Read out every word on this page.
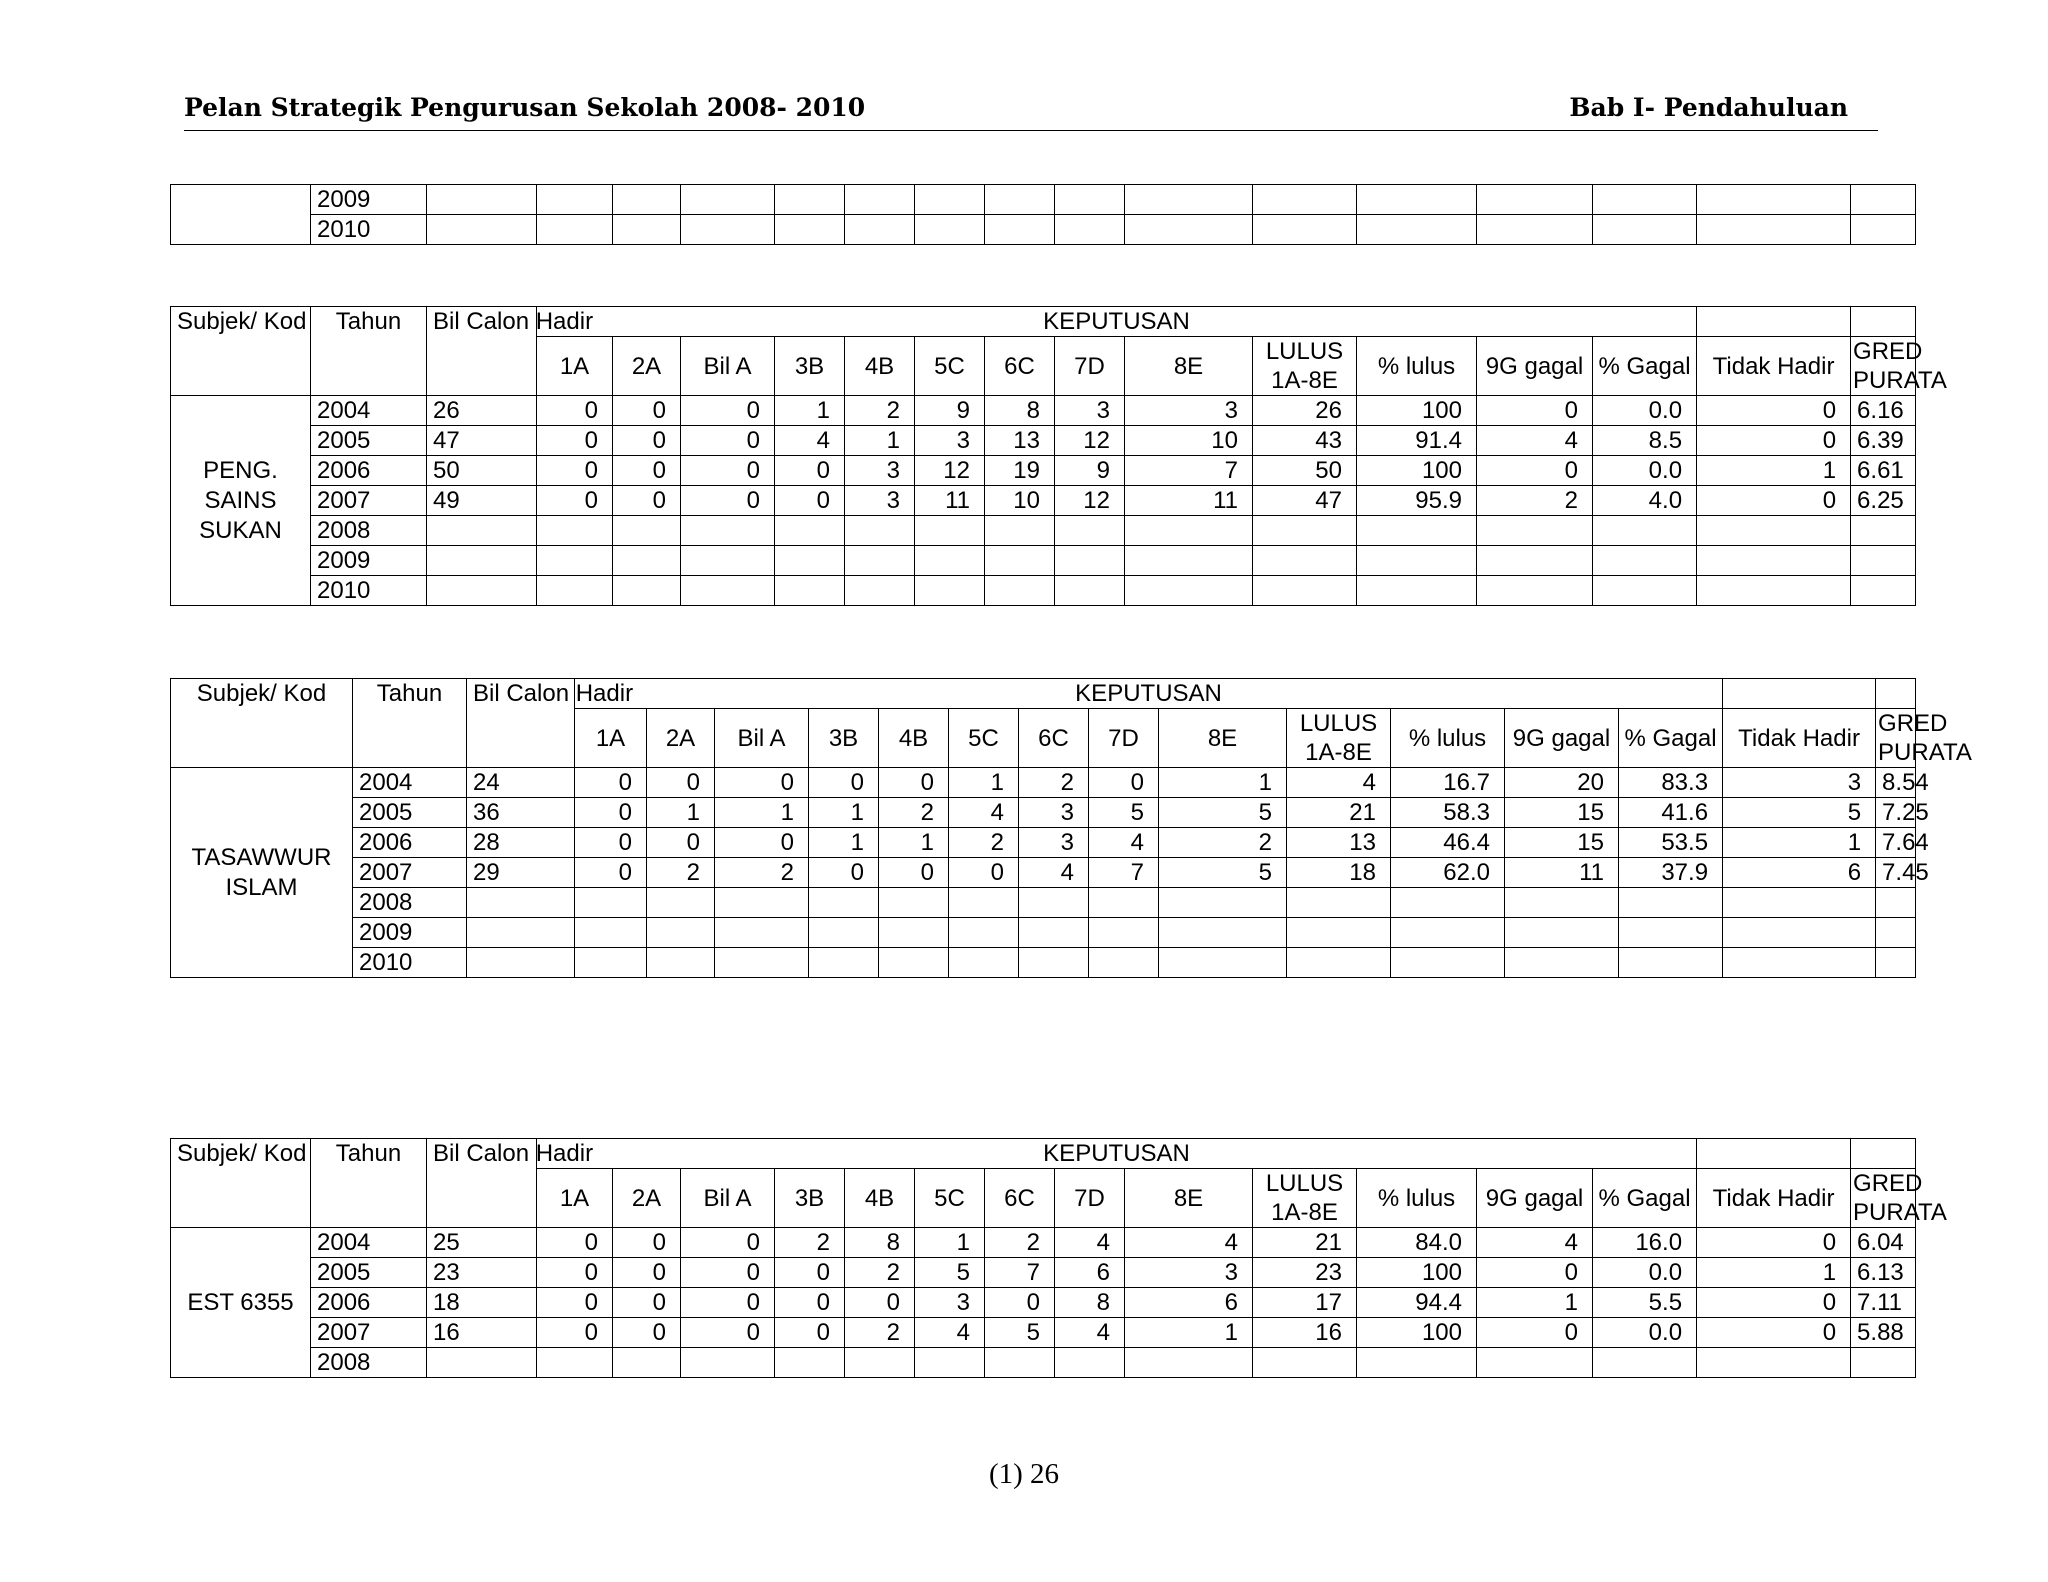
Pelan Strategik Pengurusan Sekolah 2008- 2010	Bab I- Pendahuluan
	2009																
	2010																
Subjek/ Kod	Tahun	Bil Calon Hadir	KEPUTUSAN														
			1A	2A	Bil A	3B	4B	5C	6C	7D	8E	LULUS 1A-8E	% lulus	9G gagal	% Gagal	Tidak Hadir	GRED PURATA

PENG. SAINS SUKAN	2004	26	0	0	0	1	2	9	8	3	3	26	100	0	0.0	0	6.16
	2005	47	0	0	0	4	1	3	13	12	10	43	91.4	4	8.5	0	6.39
	2006	50	0	0	0	0	3	12	19	9	7	50	100	0	0.0	1	6.61
	2007	49	0	0	0	0	3	11	10	12	11	47	95.9	2	4.0	0	6.25
	2008																
	2009																
	2010																
Subjek/ Kod	Tahun	Bil Calon Hadir	KEPUTUSAN														
			1A	2A	Bil A	3B	4B	5C	6C	7D	8E	LULUS 1A-8E	% lulus	9G gagal	% Gagal	Tidak Hadir	GRED PURATA

TASAWWUR ISLAM	2004	24	0	0	0	0	0	1	2	0	1	4	16.7	20	83.3	3	8.54
	2005	36	0	1	1	1	2	4	3	5	5	21	58.3	15	41.6	5	7.25
	2006	28	0	0	0	1	1	2	3	4	2	13	46.4	15	53.5	1	7.64
	2007	29	0	2	2	0	0	0	4	7	5	18	62.0	11	37.9	6	7.45
	2008																
	2009																
	2010																
Subjek/ Kod	Tahun	Bil Calon Hadir	KEPUTUSAN														
			1A	2A	Bil A	3B	4B	5C	6C	7D	8E	LULUS 1A-8E	% lulus	9G gagal	% Gagal	Tidak Hadir	GRED PURATA

EST 6355	2004	25	0	0	0	2	8	1	2	4	4	21	84.0	4	16.0	0	6.04
	2005	23	0	0	0	0	2	5	7	6	3	23	100	0	0.0	1	6.13
	2006	18	0	0	0	0	0	3	0	8	6	17	94.4	1	5.5	0	7.11
	2007	16	0	0	0	0	2	4	5	4	1	16	100	0	0.0	0	5.88
	2008																
(1) 26
